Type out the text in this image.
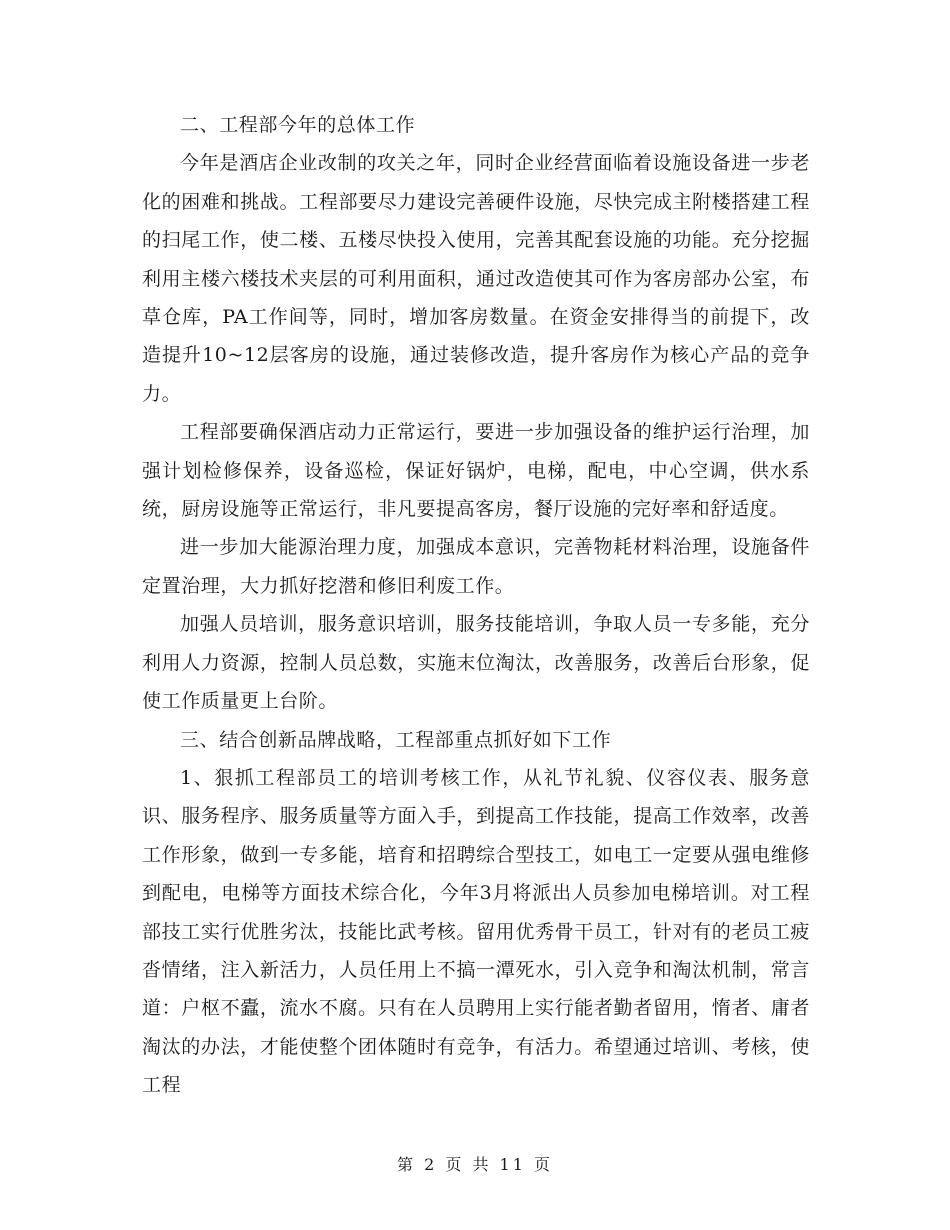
二、工程部今年的总体工作

今年是酒店企业改制的攻关之年，同时企业经营面临着设施设备进一步老化的困难和挑战。工程部要尽力建设完善硬件设施，尽快完成主附楼搭建工程的扫尾工作，使二楼、五楼尽快投入使用，完善其配套设施的功能。充分挖掘利用主楼六楼技术夹层的可利用面积，通过改造使其可作为客房部办公室，布草仓库，PA工作间等，同时，增加客房数量。在资金安排得当的前提下，改造提升10~12层客房的设施，通过装修改造，提升客房作为核心产品的竞争力。

工程部要确保酒店动力正常运行，要进一步加强设备的维护运行治理，加强计划检修保养，设备巡检，保证好锅炉，电梯，配电，中心空调，供水系统，厨房设施等正常运行，非凡要提高客房，餐厅设施的完好率和舒适度。

进一步加大能源治理力度，加强成本意识，完善物耗材料治理，设施备件定置治理，大力抓好挖潜和修旧利废工作。

加强人员培训，服务意识培训，服务技能培训，争取人员一专多能，充分利用人力资源，控制人员总数，实施末位淘汰，改善服务，改善后台形象，促使工作质量更上台阶。

三、结合创新品牌战略，工程部重点抓好如下工作

1、狠抓工程部员工的培训考核工作，从礼节礼貌、仪容仪表、服务意识、服务程序、服务质量等方面入手，到提高工作技能，提高工作效率，改善工作形象，做到一专多能，培育和招聘综合型技工，如电工一定要从强电维修到配电，电梯等方面技术综合化，今年3月将派出人员参加电梯培训。对工程部技工实行优胜劣汰，技能比武考核。留用优秀骨干员工，针对有的老员工疲沓情绪，注入新活力，人员任用上不搞一潭死水，引入竞争和淘汰机制，常言道：户枢不蠹，流水不腐。只有在人员聘用上实行能者勤者留用，惰者、庸者淘汰的办法，才能使整个团体随时有竞争，有活力。希望通过培训、考核，使工程

第 2 页 共 11 页
